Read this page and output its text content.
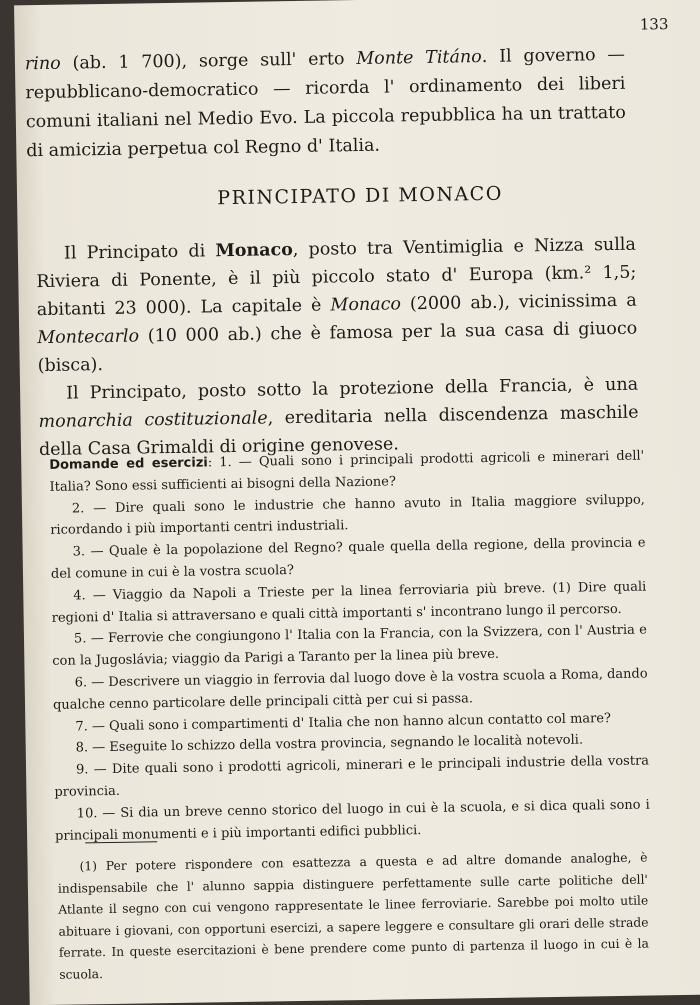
133
rino (ab. 1 700), sorge sull' erto Monte Titáno. Il governo — repubblicano-democratico — ricorda l' ordinamento dei liberi comuni italiani nel Medio Evo. La piccola repubblica ha un trattato di amicizia perpetua col Regno d' Italia.
PRINCIPATO DI MONACO

Il Principato di Monaco, posto tra Ventimiglia e Nizza sulla Riviera di Ponente, è il più piccolo stato d' Europa (km.² 1,5; abitanti 23 000). La capitale è Monaco (2000 ab.), vicinissima a Montecarlo (10 000 ab.) che è famosa per la sua casa di giuoco (bisca).

Il Principato, posto sotto la protezione della Francia, è una monarchia costituzionale, ereditaria nella discendenza maschile della Casa Grimaldi di origine genovese.

Domande ed esercizi: 1. — Quali sono i principali prodotti agricoli e minerari dell' Italia? Sono essi sufficienti ai bisogni della Nazione?

2. — Dire quali sono le industrie che hanno avuto in Italia maggiore sviluppo, ricordando i più importanti centri industriali.

3. — Quale è la popolazione del Regno? quale quella della regione, della provincia e del comune in cui è la vostra scuola?

4. — Viaggio da Napoli a Trieste per la linea ferroviaria più breve. (1) Dire quali regioni d' Italia si attraversano e quali città importanti s' incontrano lungo il percorso.

5. — Ferrovie che congiungono l' Italia con la Francia, con la Svizzera, con l' Austria e con la Jugoslávia; viaggio da Parigi a Taranto per la linea più breve.

6. — Descrivere un viaggio in ferrovia dal luogo dove è la vostra scuola a Roma, dando qualche cenno particolare delle principali città per cui si passa.

7. — Quali sono i compartimenti d' Italia che non hanno alcun contatto col mare?

8. — Eseguite lo schizzo della vostra provincia, segnando le località notevoli.

9. — Dite quali sono i prodotti agricoli, minerari e le principali industrie della vostra provincia.

10. — Si dia un breve cenno storico del luogo in cui è la scuola, e si dica quali sono i principali monumenti e i più importanti edifici pubblici.

(1) Per potere rispondere con esattezza a questa e ad altre domande analoghe, è indispensabile che l' alunno sappia distinguere perfettamente sulle carte politiche dell' Atlante il segno con cui vengono rappresentate le linee ferroviarie. Sarebbe poi molto utile abituare i giovani, con opportuni esercizi, a sapere leggere e consultare gli orari delle strade ferrate. In queste esercitazioni è bene prendere come punto di partenza il luogo in cui è la scuola.
